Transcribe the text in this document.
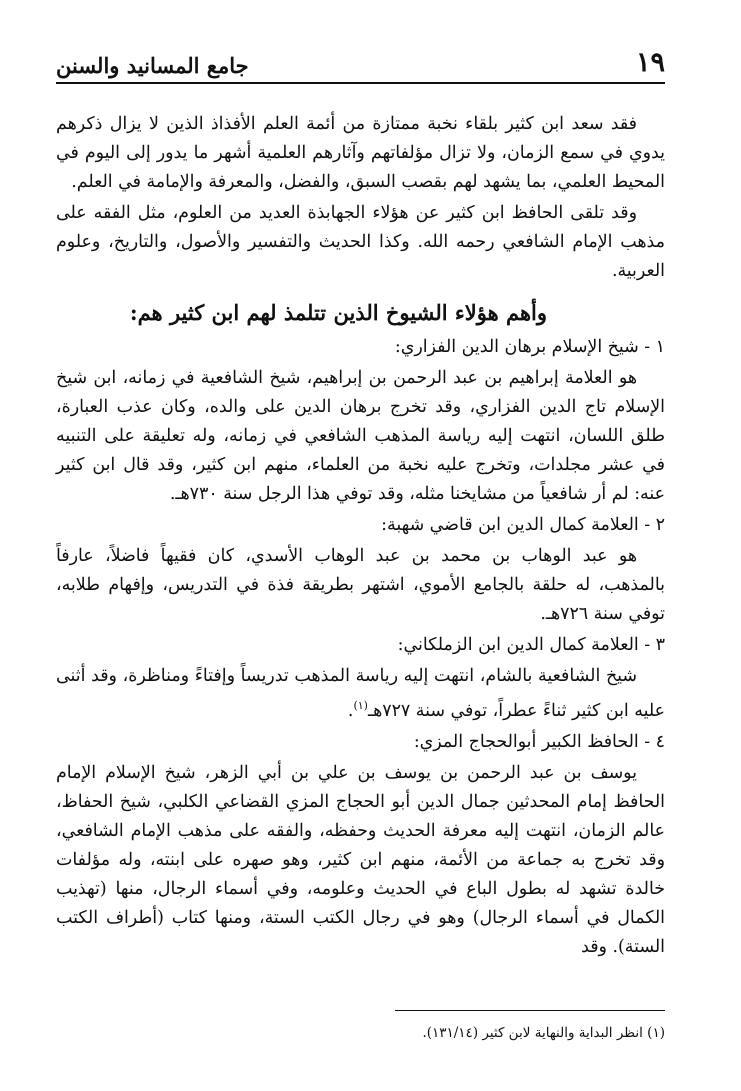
١٩
جامع المسانيد والسنن

فقد سعد ابن كثير بلقاء نخبة ممتازة من أئمة العلم الأفذاذ الذين لا يزال ذكرهم يدوي في سمع الزمان، ولا تزال مؤلفاتهم وآثارهم العلمية أشهر ما يدور إلى اليوم في المحيط العلمي، بما يشهد لهم بقصب السبق، والفضل، والمعرفة والإمامة في العلم.

وقد تلقى الحافظ ابن كثير عن هؤلاء الجهابذة العديد من العلوم، مثل الفقه على مذهب الإمام الشافعي رحمه الله. وكذا الحديث والتفسير والأصول، والتاريخ، وعلوم العربية.

وأهم هؤلاء الشيوخ الذين تتلمذ لهم ابن كثير هم:

١ - شيخ الإسلام برهان الدين الفزاري:

هو العلامة إبراهيم بن عبد الرحمن بن إبراهيم، شيخ الشافعية في زمانه، ابن شيخ الإسلام تاج الدين الفزاري، وقد تخرج برهان الدين على والده، وكان عذب العبارة، طلق اللسان، انتهت إليه رياسة المذهب الشافعي في زمانه، وله تعليقة على التنبيه في عشر مجلدات، وتخرج عليه نخبة من العلماء، منهم ابن كثير، وقد قال ابن كثير عنه: لم أر شافعياً من مشايخنا مثله، وقد توفي هذا الرجل سنة ٧٣٠هـ.

٢ - العلامة كمال الدين ابن قاضي شهبة:

هو عبد الوهاب بن محمد بن عبد الوهاب الأسدي، كان فقيهاً فاضلاً، عارفاً بالمذهب، له حلقة بالجامع الأموي، اشتهر بطريقة فذة في التدريس، وإفهام طلابه، توفي سنة ٧٢٦هـ.

٣ - العلامة كمال الدين ابن الزملكاني:

شيخ الشافعية بالشام، انتهت إليه رياسة المذهب تدريساً وإفتاءً ومناظرة، وقد أثنى عليه ابن كثير ثناءً عطراً، توفي سنة ٧٢٧هـ$^{(١)}$.

٤ - الحافظ الكبير أبوالحجاج المزي:

يوسف بن عبد الرحمن بن يوسف بن علي بن أبي الزهر، شيخ الإسلام الإمام الحافظ إمام المحدثين جمال الدين أبو الحجاج المزي القضاعي الكلبي، شيخ الحفاظ، عالم الزمان، انتهت إليه معرفة الحديث وحفظه، والفقه على مذهب الإمام الشافعي، وقد تخرج به جماعة من الأئمة، منهم ابن كثير، وهو صهره على ابنته، وله مؤلفات خالدة تشهد له بطول الباع في الحديث وعلومه، وفي أسماء الرجال، منها (تهذيب الكمال في أسماء الرجال) وهو في رجال الكتب الستة، ومنها كتاب (أطراف الكتب الستة). وقد

(١) انظر البداية والنهاية لابن كثير (١٣١/١٤).
